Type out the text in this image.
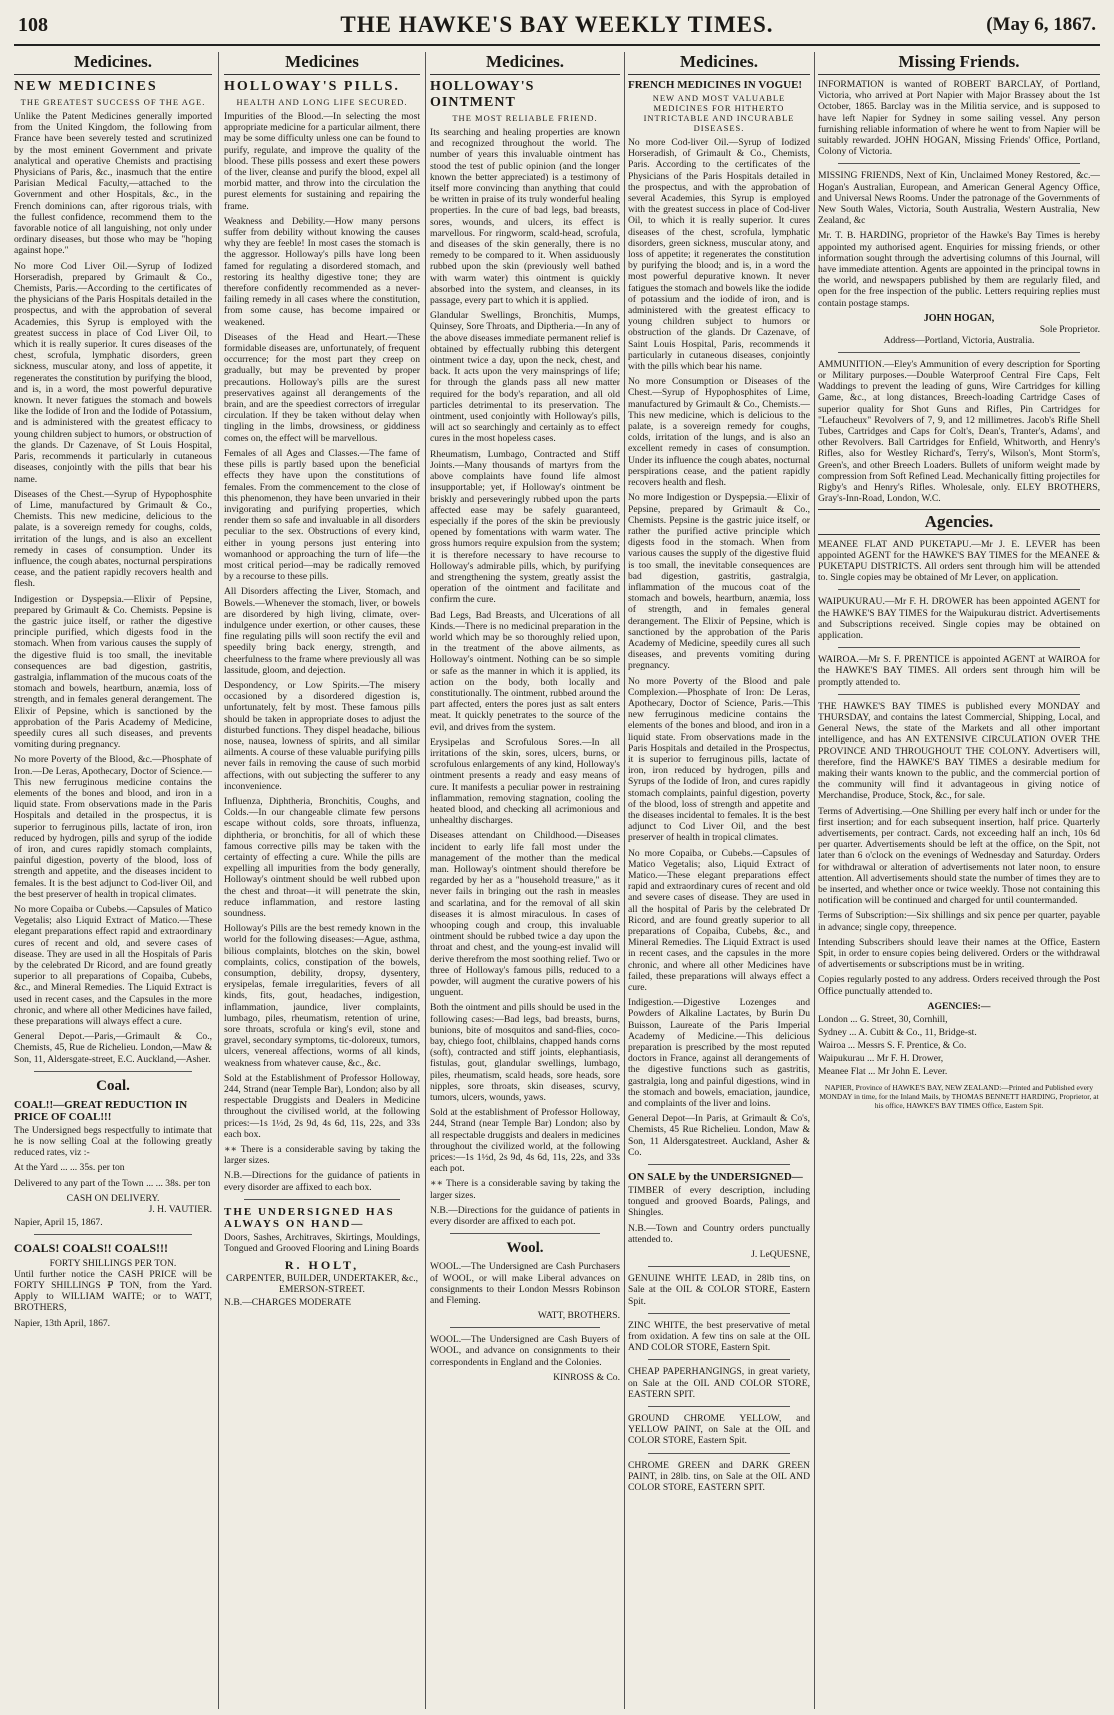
108	THE HAWKE'S BAY WEEKLY TIMES.	(May 6, 1867.
Medicines.
NEW MEDICINES
THE GREATEST SUCCESS OF THE AGE.

Unlike the Patent Medicines generally imported from the United Kingdom, the following from France have been severely tested and scrutinized by the most eminent Government and private analytical and operative Chemists and practising Physicians of Paris, &c., inasmuch that the entire Parisian Medical Faculty,—attached to the Government and other Hospitals, &c., in the French dominions can, after rigorous trials, with the fullest confidence, recommend them to the favorable notice of all languishing, not only under ordinary diseases, but those who may be "hoping against hope."

No more Cod Liver Oil.—Syrup of Iodized Horseradish, prepared by Grimault & Co., Chemists, Paris.—According to the certificates of the physicians of the Paris Hospitals detailed in the prospectus, and with the approbation of several Academies, this Syrup is employed with the greatest success in place of Cod Liver Oil, to which it is really superior. It cures diseases of the chest, scrofula, lymphatic disorders, green sickness, muscular atony, and loss of appetite, it regenerates the constitution by purifying the blood, and is, in a word, the most powerful depurative known. It never fatigues the stomach and bowels like the Iodide of Iron and the Iodide of Potassium, and is administered with the greatest efficacy to young children subject to humors, or obstruction of the glands. Dr Cazenave, of St Louis Hospital, Paris, recommends it particularly in cutaneous diseases, conjointly with the pills that bear his name.

Diseases of the Chest.—Syrup of Hypophosphite of Lime, manufactured by Grimault & Co., Chemists. This new medicine, delicious to the palate, is a sovereign remedy for coughs, colds, irritation of the lungs, and is also an excellent remedy in cases of consumption. Under its influence, the cough abates, nocturnal perspirations cease, and the patient rapidly recovers health and flesh.

Indigestion or Dyspepsia.—Elixir of Pepsine, prepared by Grimault & Co. Chemists. Pepsine is the gastric juice itself, or rather the digestive principle purified, which digests food in the stomach. When from various causes the supply of the digestive fluid is too small, the inevitable consequences are bad digestion, gastritis, gastralgia, inflammation of the mucous coats of the stomach and bowels, heartburn, anæmia, loss of strength, and in females general derangement. The Elixir of Pepsine, which is sanctioned by the approbation of the Paris Academy of Medicine, speedily cures all such diseases, and prevents vomiting during pregnancy.

No more Poverty of the Blood, &c.—Phosphate of Iron.—De Leras, Apothecary, Doctor of Science.—This new ferruginous medicine contains the elements of the bones and blood, and iron in a liquid state. From observations made in the Paris Hospitals and detailed in the prospectus, it is superior to ferruginous pills, lactate of iron, iron reduced by hydrogen, pills and syrup of the iodide of iron, and cures rapidly stomach complaints, painful digestion, poverty of the blood, loss of strength and appetite, and the diseases incident to females. It is the best adjunct to Cod-liver Oil, and the best preserver of health in tropical climates.

No more Copaiba or Cubebs.—Capsules of Matico Vegetalis; also Liquid Extract of Matico.—These elegant preparations effect rapid and extraordinary cures of recent and old, and severe cases of disease. They are used in all the Hospitals of Paris by the celebrated Dr Ricord, and are found greatly superior to all preparations of Copaiba, Cubebs, &c., and Mineral Remedies. The Liquid Extract is used in recent cases, and the Capsules in the more chronic, and where all other Medicines have failed, these preparations will always effect a cure.

General Depot.—Paris,—Grimault & Co., Chemists, 45, Rue de Richelieu. London,—Maw & Son, 11, Aldersgate-street, E.C. Auckland,—Asher.

Coal.
COAL!!—GREAT REDUCTION IN PRICE OF COAL!!!

The Undersigned begs respectfully to intimate that he is now selling Coal at the following greatly reduced rates, viz :-

At the Yard ... ... 35s. per ton

Delivered to any part of the Town ... ... 38s. per ton

CASH ON DELIVERY.
J. H. VAUTIER.
Napier, April 15, 1867.
COALS! COALS!! COALS!!!
FORTY SHILLINGS PER TON.

Until further notice the CASH PRICE will be FORTY SHILLINGS ₽ TON, from the Yard. Apply to WILLIAM WAITE; or to WATT, BROTHERS,

Napier, 13th April, 1867.
Medicines
HOLLOWAY'S PILLS.
HEALTH AND LONG LIFE SECURED.

Impurities of the Blood.—In selecting the most appropriate medicine for a particular ailment, there may be some difficulty unless one can be found to purify, regulate, and improve the quality of the blood. These pills possess and exert these powers of the liver, cleanse and purify the blood, expel all morbid matter, and throw into the circulation the purest elements for sustaining and repairing the frame.

Weakness and Debility.—How many persons suffer from debility without knowing the causes why they are feeble! In most cases the stomach is the aggressor. Holloway's pills have long been famed for regulating a disordered stomach, and restoring its healthy digestive tone; they are therefore confidently recommended as a never-failing remedy in all cases where the constitution, from some cause, has become impaired or weakened.

Diseases of the Head and Heart.—These formidable diseases are, unfortunately, of frequent occurrence; for the most part they creep on gradually, but may be prevented by proper precautions. Holloway's pills are the surest preservatives against all derangements of the brain, and are the speediest correctors of irregular circulation. If they be taken without delay when tingling in the limbs, drowsiness, or giddiness comes on, the effect will be marvellous.

Females of all Ages and Classes.—The fame of these pills is partly based upon the beneficial effects they have upon the constitutions of females. From the commencement to the close of this phenomenon, they have been unvaried in their invigorating and purifying properties, which render them so safe and invaluable in all disorders peculiar to the sex. Obstructions of every kind, either in young persons just entering into womanhood or approaching the turn of life—the most critical period—may be radically removed by a recourse to these pills.

All Disorders affecting the Liver, Stomach, and Bowels.—Whenever the stomach, liver, or bowels are disordered by high living, climate, over-indulgence under exertion, or other causes, these fine regulating pills will soon rectify the evil and speedily bring back energy, strength, and cheerfulness to the frame where previously all was lassitude, gloom, and dejection.

Despondency, or Low Spirits.—The misery occasioned by a disordered digestion is, unfortunately, felt by most. These famous pills should be taken in appropriate doses to adjust the disturbed functions. They dispel headache, bilious nose, nausea, lowness of spirits, and all similar ailments. A course of these valuable purifying pills never fails in removing the cause of such morbid affections, with out subjecting the sufferer to any inconvenience.

Influenza, Diphtheria, Bronchitis, Coughs, and Colds.—In our changeable climate few persons escape without colds, sore throats, influenza, diphtheria, or bronchitis, for all of which these famous corrective pills may be taken with the certainty of effecting a cure. While the pills are expelling all impurities from the body generally, Holloway's ointment should be well rubbed upon the chest and throat—it will penetrate the skin, reduce inflammation, and restore lasting soundness.

Holloway's Pills are the best remedy known in the world for the following diseases:—Ague, asthma, bilious complaints, blotches on the skin, bowel complaints, colics, constipation of the bowels, consumption, debility, dropsy, dysentery, erysipelas, female irregularities, fevers of all kinds, fits, gout, headaches, indigestion, inflammation, jaundice, liver complaints, lumbago, piles, rheumatism, retention of urine, sore throats, scrofula or king's evil, stone and gravel, secondary symptoms, tic-doloreux, tumors, ulcers, venereal affections, worms of all kinds, weakness from whatever cause, &c., &c.

Sold at the Establishment of Professor Holloway, 244, Strand (near Temple Bar), London; also by all respectable Druggists and Dealers in Medicine throughout the civilised world, at the following prices:—1s 1½d, 2s 9d, 4s 6d, 11s, 22s, and 33s each box.

∗∗ There is a considerable saving by taking the larger sizes.

N.B.—Directions for the guidance of patients in every disorder are affixed to each box.

THE UNDERSIGNED HAS ALWAYS ON HAND—

Doors, Sashes, Architraves, Skirtings, Mouldings, Tongued and Grooved Flooring and Lining Boards

R. HOLT,
CARPENTER, BUILDER, UNDERTAKER, &c.,
EMERSON-STREET.
N.B.—CHARGES MODERATE
Medicines.
HOLLOWAY'S OINTMENT
THE MOST RELIABLE FRIEND.

Its searching and healing properties are known and recognized throughout the world. The number of years this invaluable ointment has stood the test of public opinion (and the longer known the better appreciated) is a testimony of itself more convincing than anything that could be written in praise of its truly wonderful healing properties. In the cure of bad legs, bad breasts, sores, wounds, and ulcers, its effect is marvellous. For ringworm, scald-head, scrofula, and diseases of the skin generally, there is no remedy to be compared to it. When assiduously rubbed upon the skin (previously well bathed with warm water) this ointment is quickly absorbed into the system, and cleanses, in its passage, every part to which it is applied.

Glandular Swellings, Bronchitis, Mumps, Quinsey, Sore Throats, and Diptheria.—In any of the above diseases immediate permanent relief is obtained by effectually rubbing this detergent ointment twice a day, upon the neck, chest, and back. It acts upon the very mainsprings of life; for through the glands pass all new matter required for the body's reparation, and all old particles detrimental to its preservation. The ointment, used conjointly with Holloway's pills, will act so searchingly and certainly as to effect cures in the most hopeless cases.

Rheumatism, Lumbago, Contracted and Stiff Joints.—Many thousands of martyrs from the above complaints have found life almost insupportable; yet, if Holloway's ointment be briskly and perseveringly rubbed upon the parts affected ease may be safely guaranteed, especially if the pores of the skin be previously opened by fomentations with warm water. The gross humors require expulsion from the system; it is therefore necessary to have recourse to Holloway's admirable pills, which, by purifying and strengthening the system, greatly assist the operation of the ointment and facilitate and confirm the cure.

Bad Legs, Bad Breasts, and Ulcerations of all Kinds.—There is no medicinal preparation in the world which may be so thoroughly relied upon, in the treatment of the above ailments, as Holloway's ointment. Nothing can be so simple or safe as the manner in which it is applied, its action on the body, both locally and constitutionally. The ointment, rubbed around the part affected, enters the pores just as salt enters meat. It quickly penetrates to the source of the evil, and drives from the system.

Erysipelas and Scrofulous Sores.—In all irritations of the skin, sores, ulcers, burns, or scrofulous enlargements of any kind, Holloway's ointment presents a ready and easy means of cure. It manifests a peculiar power in restraining inflammation, removing stagnation, cooling the heated blood, and checking all acrimonious and unhealthy discharges.

Diseases attendant on Childhood.—Diseases incident to early life fall most under the management of the mother than the medical man. Holloway's ointment should therefore be regarded by her as a "household treasure," as it never fails in bringing out the rash in measles and scarlatina, and for the removal of all skin diseases it is almost miraculous. In cases of whooping cough and croup, this invaluable ointment should be rubbed twice a day upon the throat and chest, and the young-est invalid will derive therefrom the most soothing relief. Two or three of Holloway's famous pills, reduced to a powder, will augment the curative powers of his unguent.

Both the ointment and pills should be used in the following cases:—Bad legs, bad breasts, burns, bunions, bite of mosquitos and sand-flies, coco-bay, chiego foot, chilblains, chapped hands corns (soft), contracted and stiff joints, elephantiasis, fistulas, gout, glandular swellings, lumbago, piles, rheumatism, scald heads, sore heads, sore nipples, sore throats, skin diseases, scurvy, tumors, ulcers, wounds, yaws.

Sold at the establishment of Professor Holloway, 244, Strand (near Temple Bar) London; also by all respectable druggists and dealers in medicines throughout the civilized world, at the following prices:—1s 1½d, 2s 9d, 4s 6d, 11s, 22s, and 33s each pot.

∗∗ There is a considerable saving by taking the larger sizes.

N.B.—Directions for the guidance of patients in every disorder are affixed to each pot.

Wool.

WOOL.—The Undersigned are Cash Purchasers of WOOL, or will make Liberal advances on consignments to their London Messrs Robinson and Fleming.

WATT, BROTHERS.

WOOL.—The Undersigned are Cash Buyers of WOOL, and advance on consignments to their correspondents in England and the Colonies.

KINROSS & Co.
Medicines.
FRENCH MEDICINES IN VOGUE!
NEW AND MOST VALUABLE MEDICINES FOR HITHERTO INTRICTABLE AND INCURABLE DISEASES.

No more Cod-liver Oil.—Syrup of Iodized Horseradish, of Grimault & Co., Chemists, Paris. According to the certificates of the Physicians of the Paris Hospitals detailed in the prospectus, and with the approbation of several Academies, this Syrup is employed with the greatest success in place of Cod-liver Oil, to which it is really superior. It cures diseases of the chest, scrofula, lymphatic disorders, green sickness, muscular atony, and loss of appetite; it regenerates the constitution by purifying the blood; and is, in a word the most powerful depurative known. It never fatigues the stomach and bowels like the iodide of potassium and the iodide of iron, and is administered with the greatest efficacy to young children subject to humors or obstruction of the glands. Dr Cazenave, of Saint Louis Hospital, Paris, recommends it particularly in cutaneous diseases, conjointly with the pills which bear his name.

No more Consumption or Diseases of the Chest.—Syrup of Hypophosphites of Lime, manufactured by Grimault & Co., Chemists.—This new medicine, which is delicious to the palate, is a sovereign remedy for coughs, colds, irritation of the lungs, and is also an excellent remedy in cases of consumption. Under its influence the cough abates, nocturnal perspirations cease, and the patient rapidly recovers health and flesh.

No more Indigestion or Dyspepsia.—Elixir of Pepsine, prepared by Grimault & Co., Chemists. Pepsine is the gastric juice itself, or rather the purified active principle which digests food in the stomach. When from various causes the supply of the digestive fluid is too small, the inevitable consequences are bad digestion, gastritis, gastralgia, inflammation of the mucous coat of the stomach and bowels, heartburn, anæmia, loss of strength, and in females general derangement. The Elixir of Pepsine, which is sanctioned by the approbation of the Paris Academy of Medicine, speedily cures all such diseases, and prevents vomiting during pregnancy.

No more Poverty of the Blood and pale Complexion.—Phosphate of Iron: De Leras, Apothecary, Doctor of Science, Paris.—This new ferruginous medicine contains the elements of the bones and blood, and iron in a liquid state. From observations made in the Paris Hospitals and detailed in the Prospectus, it is superior to ferruginous pills, lactate of iron, iron reduced by hydrogen, pills and Syrups of the Iodide of Iron, and cures rapidly stomach complaints, painful digestion, poverty of the blood, loss of strength and appetite and the diseases incidental to females. It is the best adjunct to Cod Liver Oil, and the best preserver of health in tropical climates.

No more Copaiba, or Cubebs.—Capsules of Matico Vegetalis; also, Liquid Extract of Matico.—These elegant preparations effect rapid and extraordinary cures of recent and old and severe cases of disease. They are used in all the hospital of Paris by the celebrated Dr Ricord, and are found greatly superior to all preparations of Copaiba, Cubebs, &c., and Mineral Remedies. The Liquid Extract is used in recent cases, and the capsules in the more chronic, and where all other Medicines have failed, these preparations will always effect a cure.

Indigestion.—Digestive Lozenges and Powders of Alkaline Lactates, by Burin Du Buisson, Laureate of the Paris Imperial Academy of Medicine.—This delicious preparation is prescribed by the most reputed doctors in France, against all derangements of the digestive functions such as gastritis, gastralgia, long and painful digestions, wind in the stomach and bowels, emaciation, jaundice, and complaints of the liver and loins.

General Depot—In Paris, at Grimault & Co's, Chemists, 45 Rue Richelieu. London, Maw & Son, 11 Aldersgatestreet. Auckland, Asher & Co.

ON SALE by the UNDERSIGNED—

TIMBER of every description, including tongued and grooved Boards, Palings, and Shingles.

N.B.—Town and Country orders punctually attended to.

J. LeQUESNE,

GENUINE WHITE LEAD, in 28lb tins, on Sale at the OIL & COLOR STORE, Eastern Spit.

ZINC WHITE, the best preservative of metal from oxidation. A few tins on sale at the OIL AND COLOR STORE, Eastern Spit.

CHEAP PAPERHANGINGS, in great variety, on Sale at the OIL AND COLOR STORE, EASTERN SPIT.

GROUND CHROME YELLOW, and YELLOW PAINT, on Sale at the OIL and COLOR STORE, Eastern Spit.

CHROME GREEN and DARK GREEN PAINT, in 28lb. tins, on Sale at the OIL AND COLOR STORE, EASTERN SPIT.

Missing Friends.

INFORMATION is wanted of ROBERT BARCLAY, of Portland, Victoria, who arrived at Port Napier with Major Brassey about the 1st October, 1865. Barclay was in the Militia service, and is supposed to have left Napier for Sydney in some sailing vessel. Any person furnishing reliable information of where he went to from Napier will be suitably rewarded. JOHN HOGAN, Missing Friends' Office, Portland, Colony of Victoria.

MISSING FRIENDS, Next of Kin, Unclaimed Money Restored, &c.—Hogan's Australian, European, and American General Agency Office, and Universal News Rooms. Under the patronage of the Governments of New South Wales, Victoria, South Australia, Western Australia, New Zealand, &c

Mr. T. B. HARDING, proprietor of the Hawke's Bay Times is hereby appointed my authorised agent. Enquiries for missing friends, or other information sought through the advertising columns of this Journal, will have immediate attention. Agents are appointed in the principal towns in the world, and newspapers published by them are regularly filed, and open for the free inspection of the public. Letters requiring replies must contain postage stamps.

JOHN HOGAN,
Sole Proprietor.
Address—Portland, Victoria, Australia.

AMMUNITION.—Eley's Ammunition of every description for Sporting or Military purposes.—Double Waterproof Central Fire Caps, Felt Waddings to prevent the leading of guns, Wire Cartridges for killing Game, &c., at long distances, Breech-loading Cartridge Cases of superior quality for Shot Guns and Rifles, Pin Cartridges for "Lefaucheux" Revolvers of 7, 9, and 12 millimetres. Jacob's Rifle Shell Tubes, Cartridges and Caps for Colt's, Dean's, Tranter's, Adams', and other Revolvers. Ball Cartridges for Enfield, Whitworth, and Henry's Rifles, also for Westley Richard's, Terry's, Wilson's, Mont Storm's, Green's, and other Breech Loaders. Bullets of uniform weight made by compression from Soft Refined Lead. Mechanically fitting projectiles for Rigby's and Henry's Rifles. Wholesale, only. ELEY BROTHERS, Gray's-Inn-Road, London, W.C.

Agencies.

MEANEE FLAT AND PUKETAPU.—Mr J. E. LEVER has been appointed AGENT for the HAWKE'S BAY TIMES for the MEANEE & PUKETAPU DISTRICTS. All orders sent through him will be attended to. Single copies may be obtained of Mr Lever, on application.

WAIPUKURAU.—Mr F. H. DROWER has been appointed AGENT for the HAWKE'S BAY TIMES for the Waipukurau district. Advertisements and Subscriptions received. Single copies may be obtained on application.

WAIROA.—Mr S. F. PRENTICE is appointed AGENT at WAIROA for the HAWKE'S BAY TIMES. All orders sent through him will be promptly attended to.

THE HAWKE'S BAY TIMES is published every MONDAY and THURSDAY, and contains the latest Commercial, Shipping, Local, and General News, the state of the Markets and all other important intelligence, and has AN EXTENSIVE CIRCULATION OVER THE PROVINCE AND THROUGHOUT THE COLONY. Advertisers will, therefore, find the HAWKE'S BAY TIMES a desirable medium for making their wants known to the public, and the commercial portion of the community will find it advantageous in giving notice of Merchandise, Produce, Stock, &c., for sale.

Terms of Advertising.—One Shilling per every half inch or under for the first insertion; and for each subsequent insertion, half price. Quarterly advertisements, per contract. Cards, not exceeding half an inch, 10s 6d per quarter. Advertisements should be left at the office, on the Spit, not later than 6 o'clock on the evenings of Wednesday and Saturday. Orders for withdrawal or alteration of advertisements not later noon, to ensure attention. All advertisements should state the number of times they are to be inserted, and whether once or twice weekly. Those not containing this notification will be continued and charged for until countermanded.

Terms of Subscription:—Six shillings and six pence per quarter, payable in advance; single copy, threepence.

Intending Subscribers should leave their names at the Office, Eastern Spit, in order to ensure copies being delivered. Orders or the withdrawal of advertisements or subscriptions must be in writing.

Copies regularly posted to any address. Orders received through the Post Office punctually attended to.

AGENCIES:—
London ... G. Street, 30, Cornhill,
Sydney ... A. Cubitt & Co., 11, Bridge-st.
Wairoa ... Messrs S. F. Prentice, & Co.
Waipukurau ... Mr F. H. Drower,
Meanee Flat ... Mr John E. Lever.
NAPIER, Province of HAWKE'S BAY, NEW ZEALAND:—Printed and Published every MONDAY in time, for the Inland Mails, by THOMAS BENNETT HARDING, Proprietor, at his office, HAWKE'S BAY TIMES Office, Eastern Spit.
